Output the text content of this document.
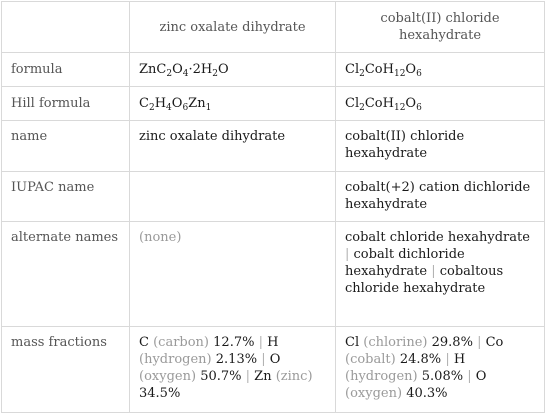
	zinc oxalate dihydrate	cobalt(II) chloride hexahydrate
formula	$ZnC_2O_4\cdot 2H_2O$	$Cl_2CoH_{12}O_6$
Hill formula	$C_2H_4O_6Zn_1$	$Cl_2CoH_{12}O_6$
name	zinc oxalate dihydrate	cobalt(II) chloride hexahydrate
IUPAC name		cobalt(+2) cation dichloride hexahydrate
alternate names	(none)	cobalt chloride hexahydrate | cobalt dichloride hexahydrate | cobaltous chloride hexahydrate
mass fractions	C (carbon) 12.7% | H (hydrogen) 2.13% | O (oxygen) 50.7% | Zn (zinc) 34.5%	Cl (chlorine) 29.8% | Co (cobalt) 24.8% | H (hydrogen) 5.08% | O (oxygen) 40.3%
